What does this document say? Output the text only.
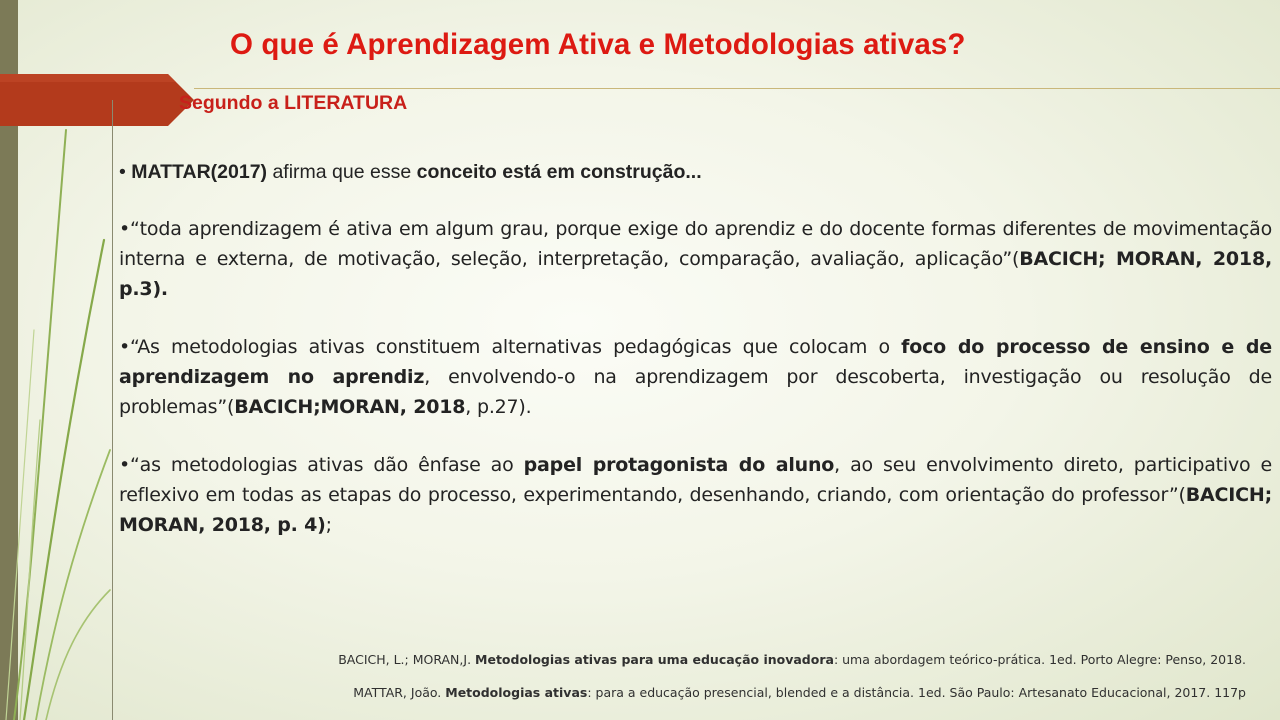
O que é Aprendizagem Ativa e Metodologias ativas?
Segundo a LITERATURA

• MATTAR(2017) afirma que esse conceito está em construção...

•“toda aprendizagem é ativa em algum grau, porque exige do aprendiz e do docente formas diferentes de movimentação interna e externa, de motivação, seleção, interpretação, comparação, avaliação, aplicação”(BACICH; MORAN, 2018, p.3).

•“As metodologias ativas constituem alternativas pedagógicas que colocam o foco do processo de ensino e de aprendizagem no aprendiz, envolvendo-o na aprendizagem por descoberta, investigação ou resolução de problemas”(BACICH;MORAN, 2018, p.27).

•“as metodologias ativas dão ênfase ao papel protagonista do aluno, ao seu envolvimento direto, participativo e reflexivo em todas as etapas do processo, experimentando, desenhando, criando, com orientação do professor”(BACICH; MORAN, 2018, p. 4);

BACICH, L.; MORAN,J. Metodologias ativas para uma educação inovadora: uma abordagem teórico-prática. 1ed. Porto Alegre: Penso, 2018.

MATTAR, João. Metodologias ativas: para a educação presencial, blended e a distância. 1ed. São Paulo: Artesanato Educacional, 2017. 117p
